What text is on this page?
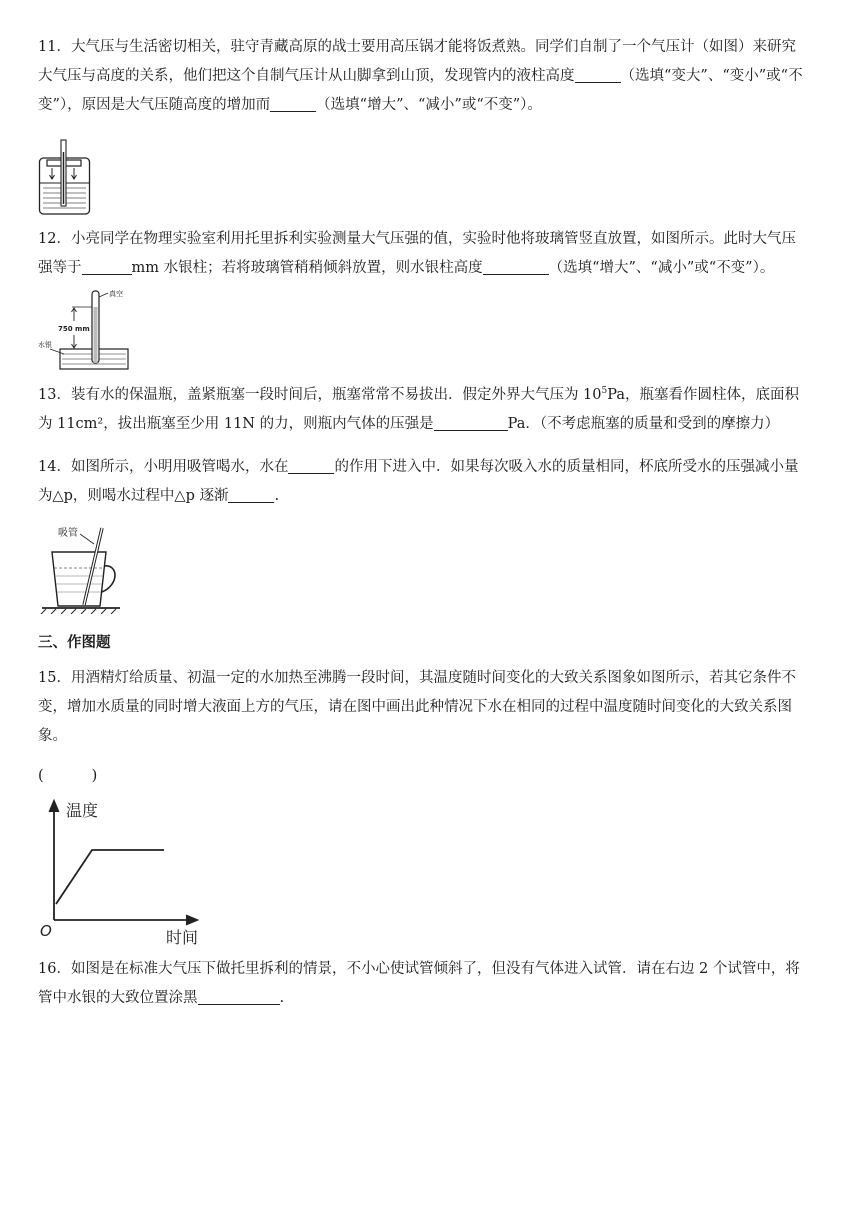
11．大气压与生活密切相关，驻守青藏高原的战士要用高压锅才能将饭煮熟。同学们自制了一个气压计（如图）来研究
大气压与高度的关系，他们把这个自制气压计从山脚拿到山顶，发现管内的液柱高度	（选填“变大”、“变小”或“不
变”），原因是大气压随高度的增加而	（选填“增大”、“减小”或“不变”）。
12．小亮同学在物理实验室利用托里拆利实验测量大气压强的值，实验时他将玻璃管竖直放置，如图所示。此时大气压
强等于	mm 水银柱；若将玻璃管稍稍倾斜放置，则水银柱高度	（选填“增大”、“减小”或“不变”）。
真空
750 mm
水银
13．装有水的保温瓶，盖紧瓶塞一段时间后，瓶塞常常不易拔出．假定外界大气压为 $10^5Pa$，瓶塞看作圆柱体，底面积
为 11cm²，拔出瓶塞至少用 11N 的力，则瓶内气体的压强是	Pa．（不考虑瓶塞的质量和受到的摩擦力）
14．如图所示，小明用吸管喝水，水在	的作用下进入中．如果每次吸入水的质量相同，杯底所受水的压强减小量
为△p，则喝水过程中△p 逐渐	.
吸管
三、作图题
15．用酒精灯给质量、初温一定的水加热至沸腾一段时间，其温度随时间变化的大致关系图象如图所示，若其它条件不
变，增加水质量的同时增大液面上方的气压，请在图中画出此种情况下水在相同的过程中温度随时间变化的大致关系图
象。
(	)
温度
时间
O
16．如图是在标准大气压下做托里拆利的情景，不小心使试管倾斜了，但没有气体进入试管．请在右边 2 个试管中，将
管中水银的大致位置涂黑	.
